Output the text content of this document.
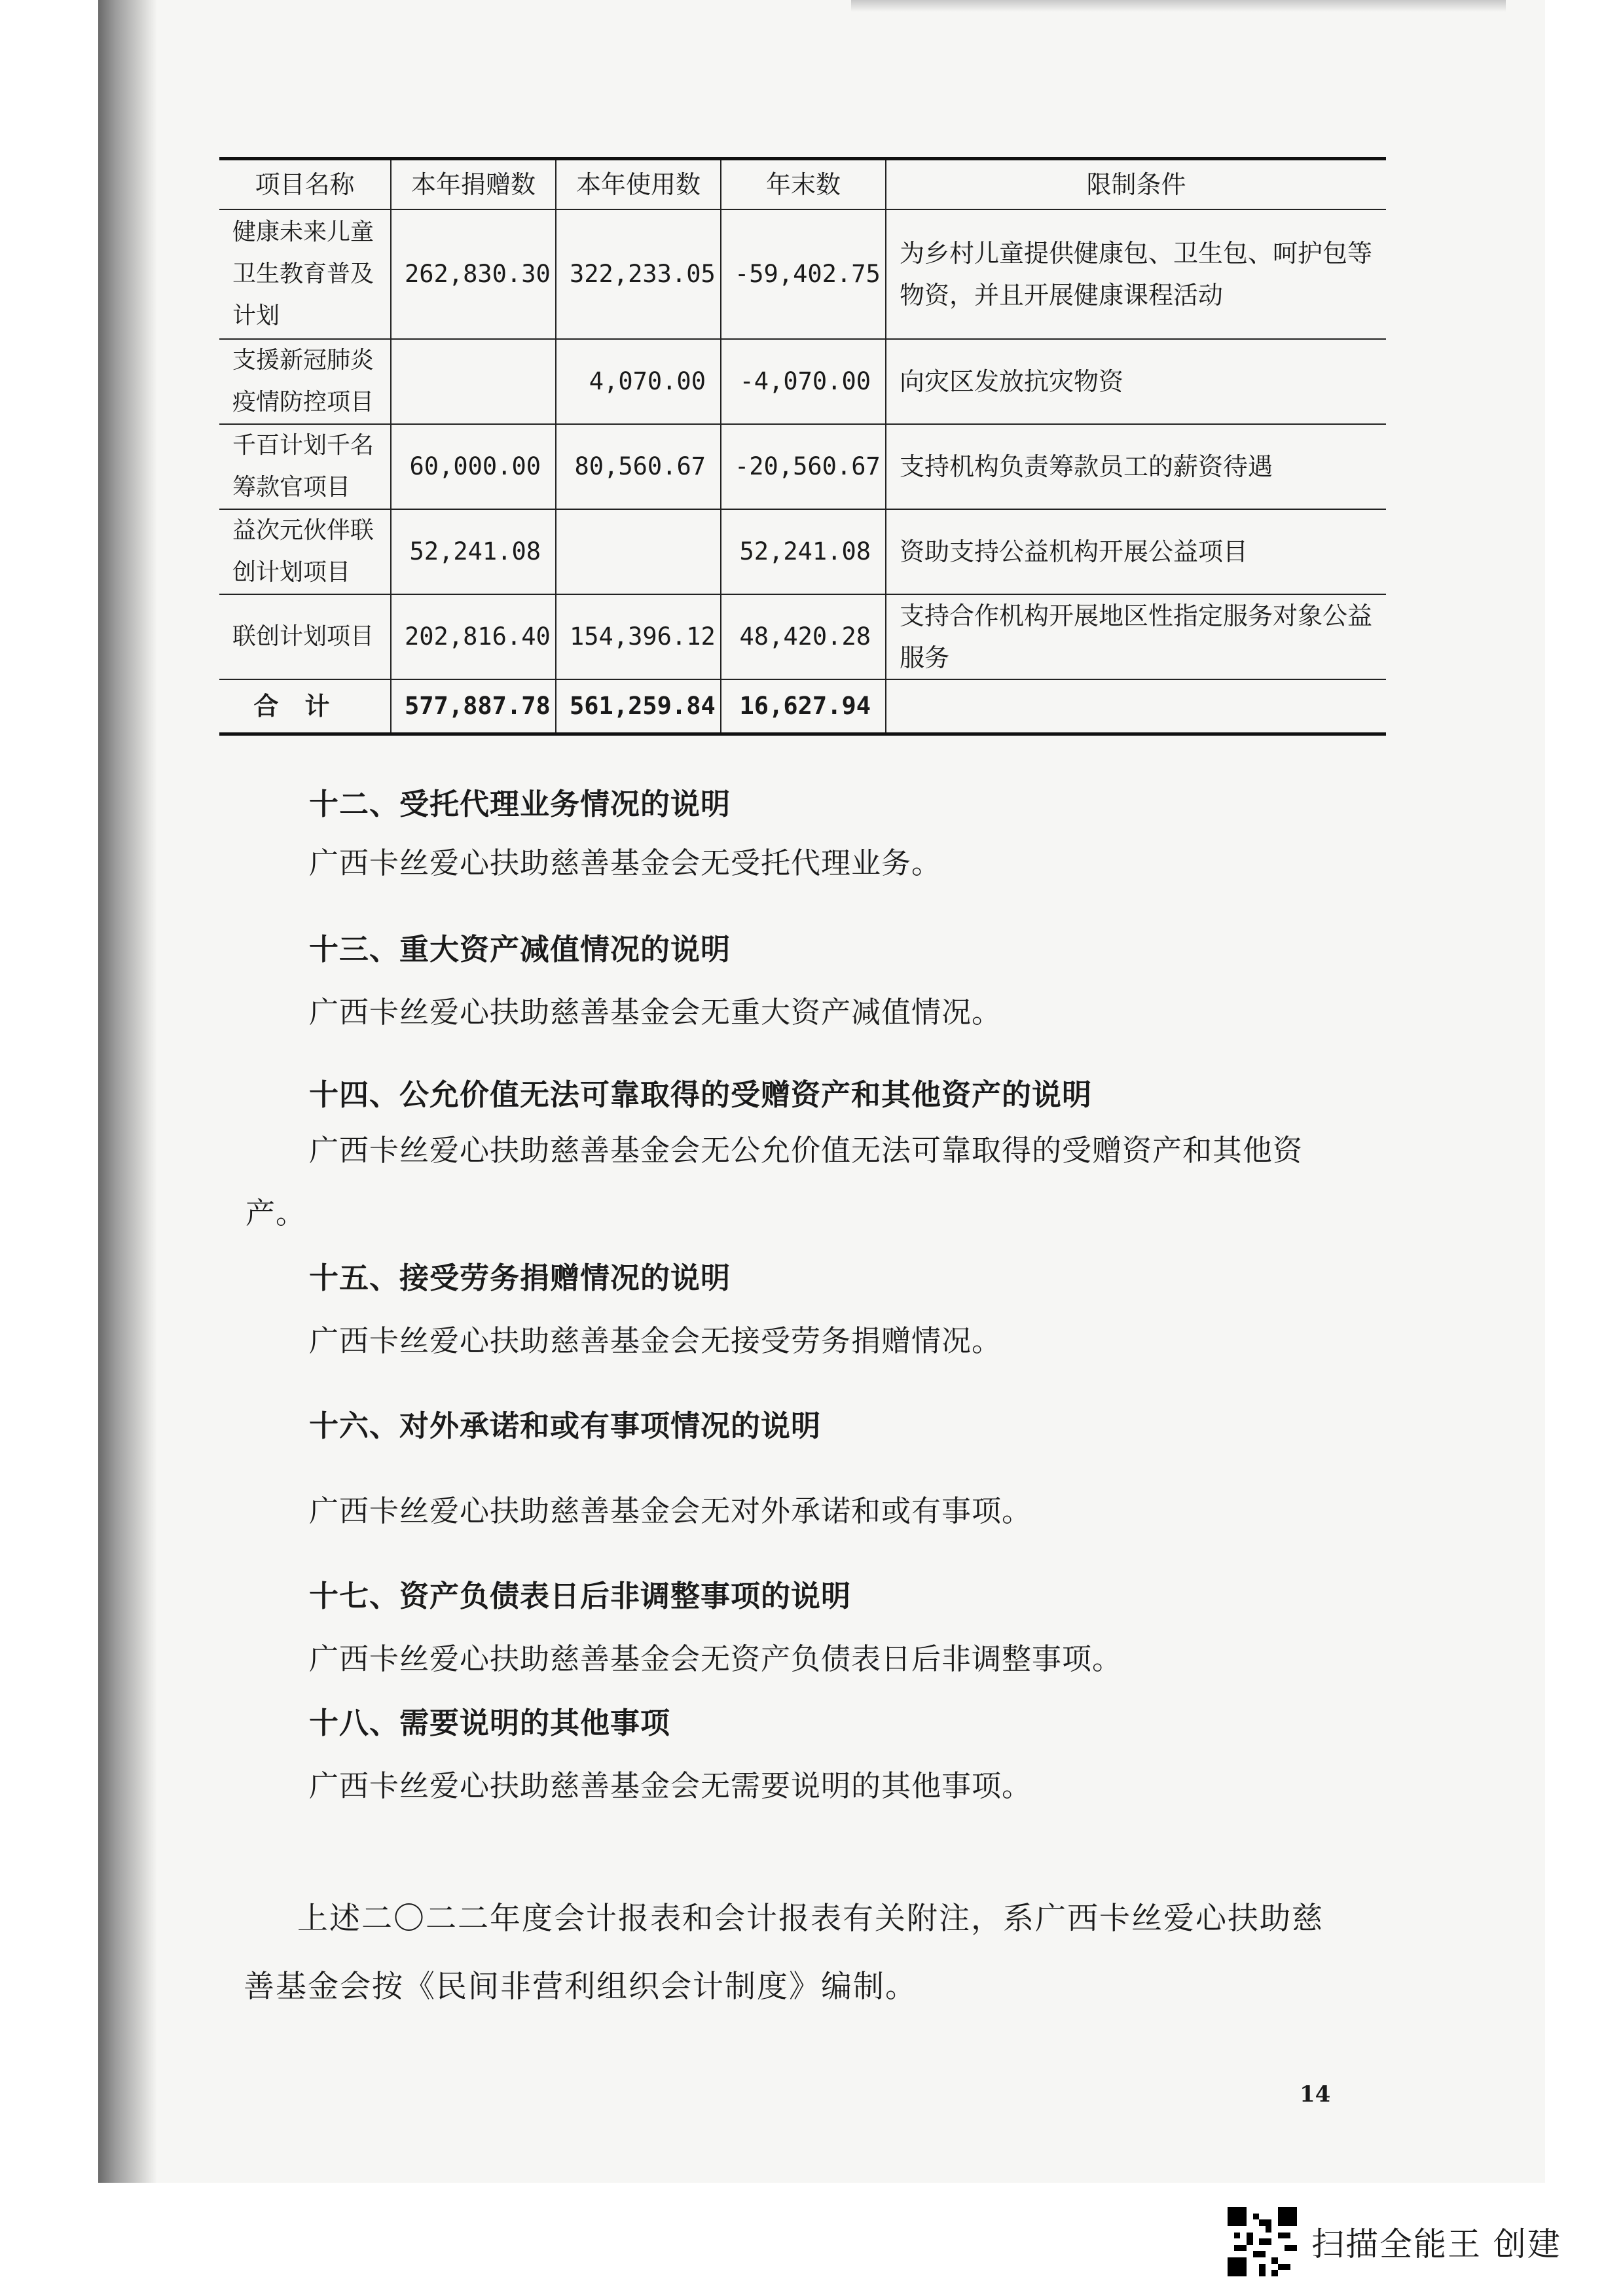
项目名称	本年捐赠数	本年使用数	年末数	限制条件
健康未来儿童卫生教育普及计划	262,830.30	322,233.05	-59,402.75	为乡村儿童提供健康包、卫生包、呵护包等物资，并且开展健康课程活动
支援新冠肺炎疫情防控项目		4,070.00	-4,070.00	向灾区发放抗灾物资
千百计划千名筹款官项目	60,000.00	80,560.67	-20,560.67	支持机构负责筹款员工的薪资待遇
益次元伙伴联创计划项目	52,241.08		52,241.08	资助支持公益机构开展公益项目
联创计划项目	202,816.40	154,396.12	48,420.28	支持合作机构开展地区性指定服务对象公益服务
合计	577,887.78	561,259.84	16,627.94	
十二、受托代理业务情况的说明
广西卡丝爱心扶助慈善基金会无受托代理业务。
十三、重大资产减值情况的说明
广西卡丝爱心扶助慈善基金会无重大资产减值情况。
十四、公允价值无法可靠取得的受赠资产和其他资产的说明
广西卡丝爱心扶助慈善基金会无公允价值无法可靠取得的受赠资产和其他资产。
十五、接受劳务捐赠情况的说明
广西卡丝爱心扶助慈善基金会无接受劳务捐赠情况。
十六、对外承诺和或有事项情况的说明
广西卡丝爱心扶助慈善基金会无对外承诺和或有事项。
十七、资产负债表日后非调整事项的说明
广西卡丝爱心扶助慈善基金会无资产负债表日后非调整事项。
十八、需要说明的其他事项
广西卡丝爱心扶助慈善基金会无需要说明的其他事项。
上述二〇二二年度会计报表和会计报表有关附注，系广西卡丝爱心扶助慈善基金会按《民间非营利组织会计制度》编制。
14
扫描全能王 创建
